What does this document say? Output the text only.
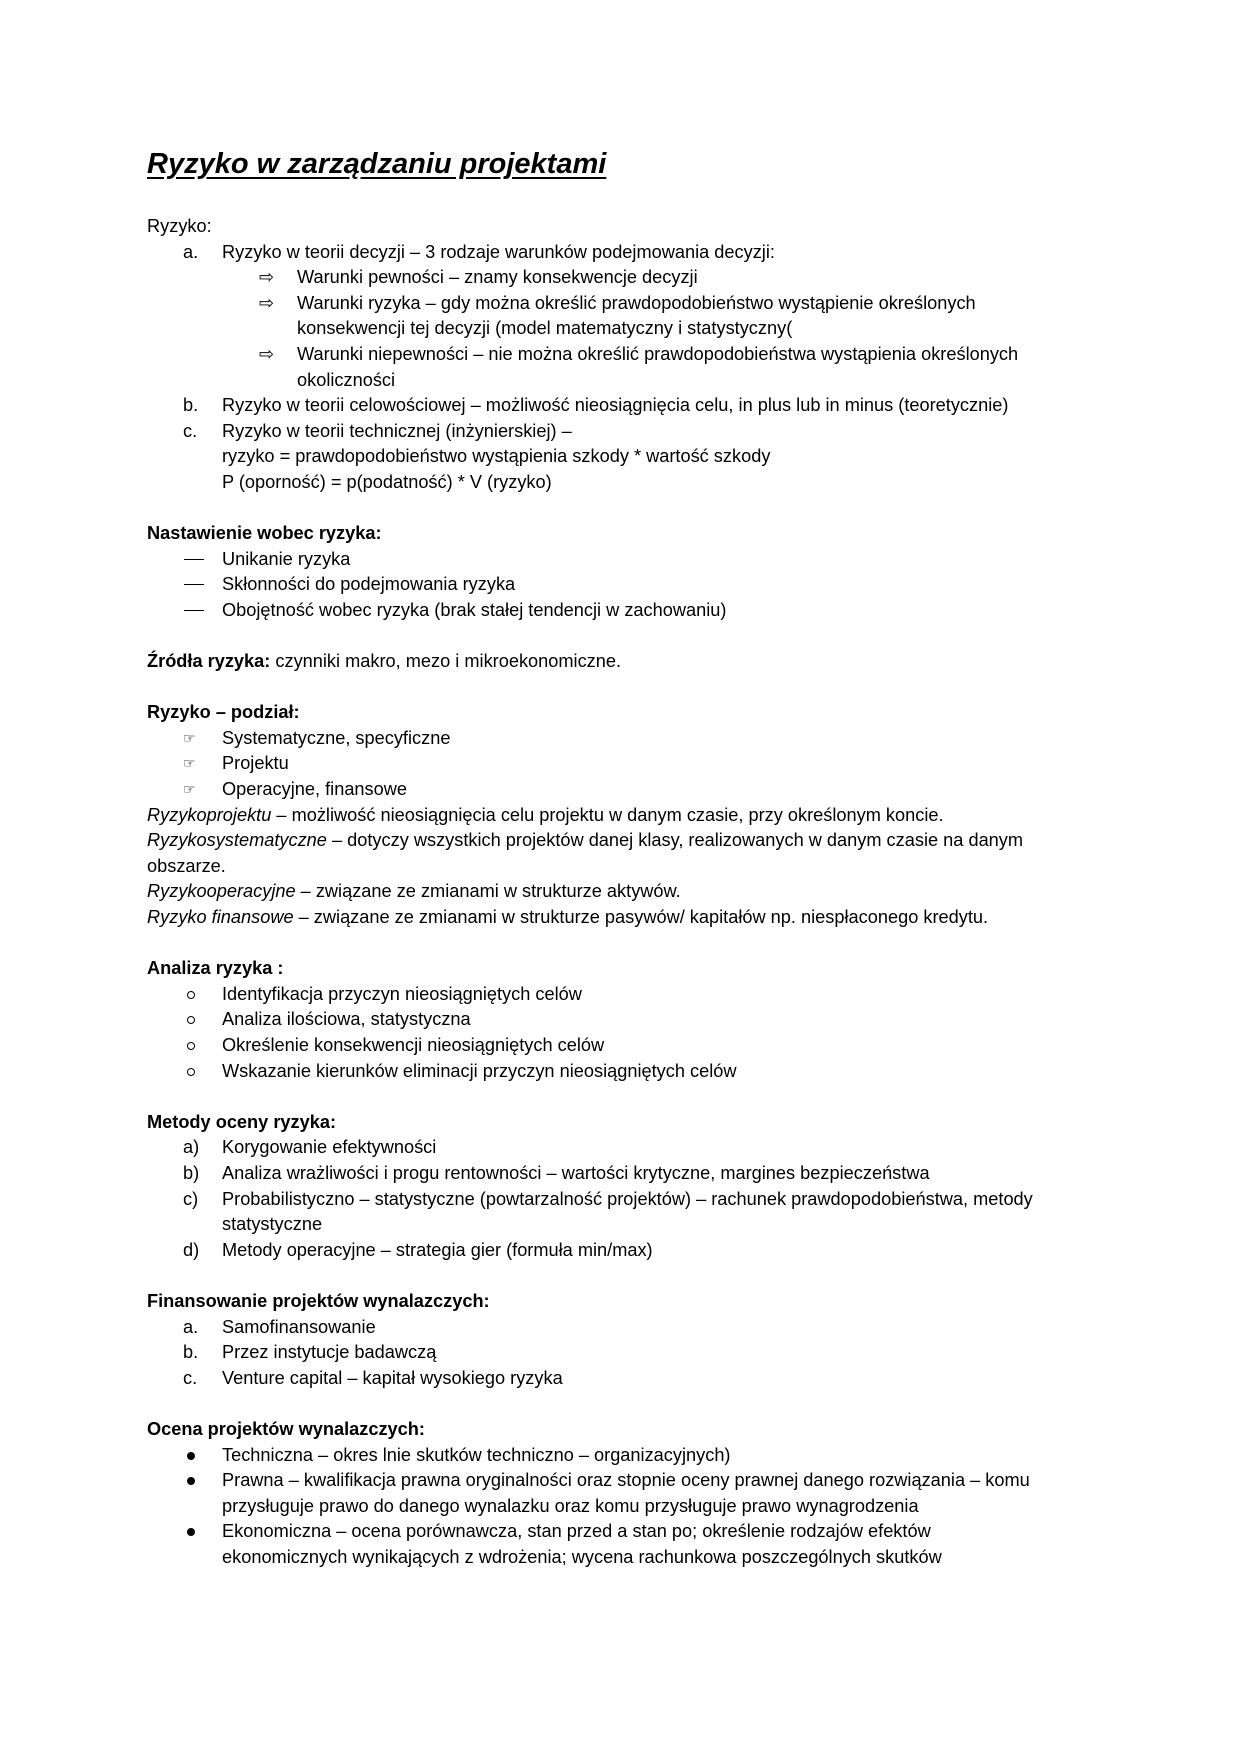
Ryzyko w zarządzaniu projektami

Ryzyko:

a.	Ryzyko w teorii decyzji – 3 rodzaje warunków podejmowania decyzji:
⇨	Warunki pewności – znamy konsekwencje decyzji
⇨	Warunki ryzyka – gdy można określić prawdopodobieństwo wystąpienie określonych

konsekwencji tej decyzji (model matematyczny i statystyczny(

⇨	Warunki niepewności – nie można określić prawdopodobieństwa wystąpienia określonych

okoliczności

b.	Ryzyko w teorii celowościowej – możliwość nieosiągnięcia celu, in plus lub in minus (teoretycznie)
c.	Ryzyko w teorii technicznej (inżynierskiej) –

ryzyko = prawdopodobieństwo wystąpienia szkody * wartość szkody

P (oporność) = p(podatność) * V (ryzyko)

Nastawienie wobec ryzyka:

Unikanie ryzyka
Skłonności do podejmowania ryzyka
Obojętność wobec ryzyka (brak stałej tendencji w zachowaniu)

Źródła ryzyka: czynniki makro, mezo i mikroekonomiczne.

Ryzyko – podział:

☞	Systematyczne, specyficzne
☞	Projektu
☞	Operacyjne, finansowe

Ryzykoprojektu – możliwość nieosiągnięcia celu projektu w danym czasie, przy określonym koncie.

Ryzykosystematyczne – dotyczy wszystkich projektów danej klasy, realizowanych w danym czasie na danym

obszarze.

Ryzykooperacyjne – związane ze zmianami w strukturze aktywów.

Ryzyko finansowe – związane ze zmianami w strukturze pasywów/ kapitałów np. niespłaconego kredytu.

Analiza ryzyka :

Identyfikacja przyczyn nieosiągniętych celów
Analiza ilościowa, statystyczna
Określenie konsekwencji nieosiągniętych celów
Wskazanie kierunków eliminacji przyczyn nieosiągniętych celów

Metody oceny ryzyka:

a)	Korygowanie efektywności
b)	Analiza wrażliwości i progu rentowności – wartości krytyczne, margines bezpieczeństwa
c)	Probabilistyczno – statystyczne (powtarzalność projektów) – rachunek prawdopodobieństwa, metody

statystyczne

d)	Metody operacyjne – strategia gier (formuła min/max)

Finansowanie projektów wynalazczych:

a.	Samofinansowanie
b.	Przez instytucje badawczą
c.	Venture capital – kapitał wysokiego ryzyka

Ocena projektów wynalazczych:

Techniczna – okres lnie skutków techniczno – organizacyjnych)
Prawna – kwalifikacja prawna oryginalności oraz stopnie oceny prawnej danego rozwiązania – komu

przysługuje prawo do danego wynalazku oraz komu przysługuje prawo wynagrodzenia

Ekonomiczna – ocena porównawcza, stan przed a stan po; określenie rodzajów efektów

ekonomicznych wynikających z wdrożenia; wycena rachunkowa poszczególnych skutków
